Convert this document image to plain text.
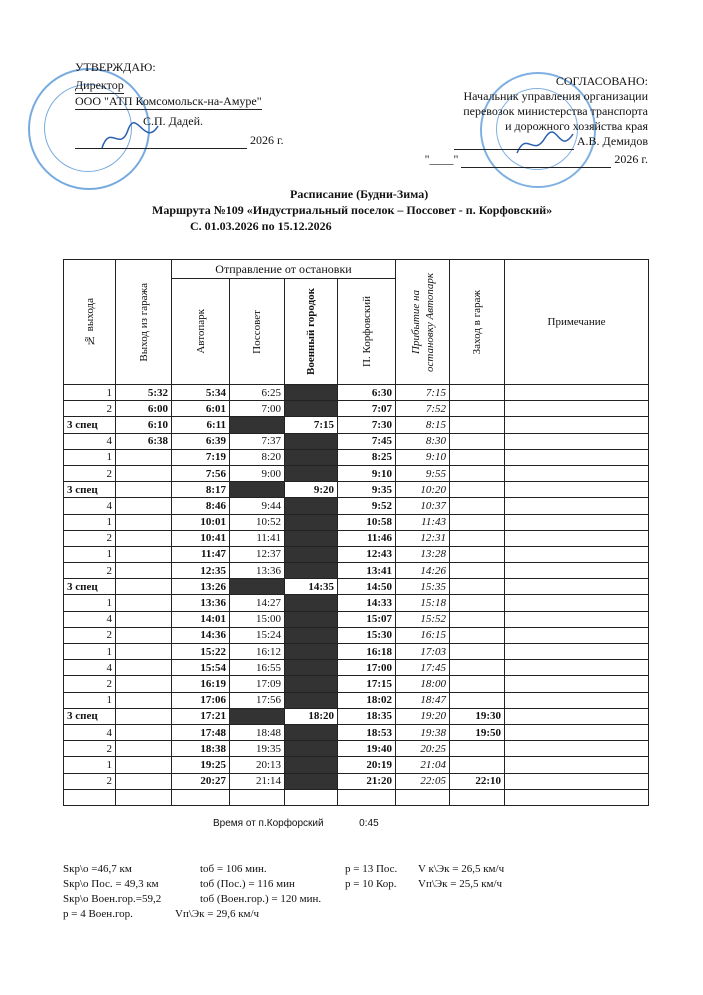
УТВЕРЖДАЮ:
Директор
ООО "АТП Комсомольск-на-Амуре"
С.П. Дадей.
2026 г.
СОГЛАСОВАНО:
Начальник управления организации
перевозок министерства транспорта
и дорожного хозяйства края
А.В. Демидов
"____"	2026 г.
Расписание (Будни-Зима)
Маршрута №109 «Индустриальный поселок – Поссовет - п. Корфовский»
С. 01.03.2026 по 15.12.2026
№ выхода	Выход из гаража	Отправление от остановки				Прибытие на остановку Автопарк	Заход в гараж	Примечание

		Автопарк	Поссовет	Военный городок	П. Корфовский			

1	5:32	5:34	6:25		6:30	7:15		
2	6:00	6:01	7:00		7:07	7:52		
3 спец	6:10	6:11		7:15	7:30	8:15		
4	6:38	6:39	7:37		7:45	8:30		
1		7:19	8:20		8:25	9:10		
2		7:56	9:00		9:10	9:55		
3 спец		8:17		9:20	9:35	10:20		
4		8:46	9:44		9:52	10:37		
1		10:01	10:52		10:58	11:43		
2		10:41	11:41		11:46	12:31		
1		11:47	12:37		12:43	13:28		
2		12:35	13:36		13:41	14:26		
3 спец		13:26		14:35	14:50	15:35		
1		13:36	14:27		14:33	15:18		
4		14:01	15:00		15:07	15:52		
2		14:36	15:24		15:30	16:15		
1		15:22	16:12		16:18	17:03		
4		15:54	16:55		17:00	17:45		
2		16:19	17:09		17:15	18:00		
1		17:06	17:56		18:02	18:47		
3 спец		17:21		18:20	18:35	19:20	19:30	
4		17:48	18:48		18:53	19:38	19:50	
2		18:38	19:35		19:40	20:25		
1		19:25	20:13		20:19	21:04		
2		20:27	21:14		21:20	22:05	22:10	

Время от п.Корфорский	0:45
Sкр\о =46,7 км
Sкр\о Пос. = 49,3 км
Sкр\о Воен.гор.=59,2
р = 4 Воен.гор.
tоб = 106 мин.
tоб (Пос.) = 116 мин
tоб (Воен.гор.) = 120 мин.
Vп\Эк = 29,6 км/ч
р = 13 Пос.
р = 10 Кор.
V к\Эк = 26,5 км/ч
Vп\Эк = 25,5 км/ч
